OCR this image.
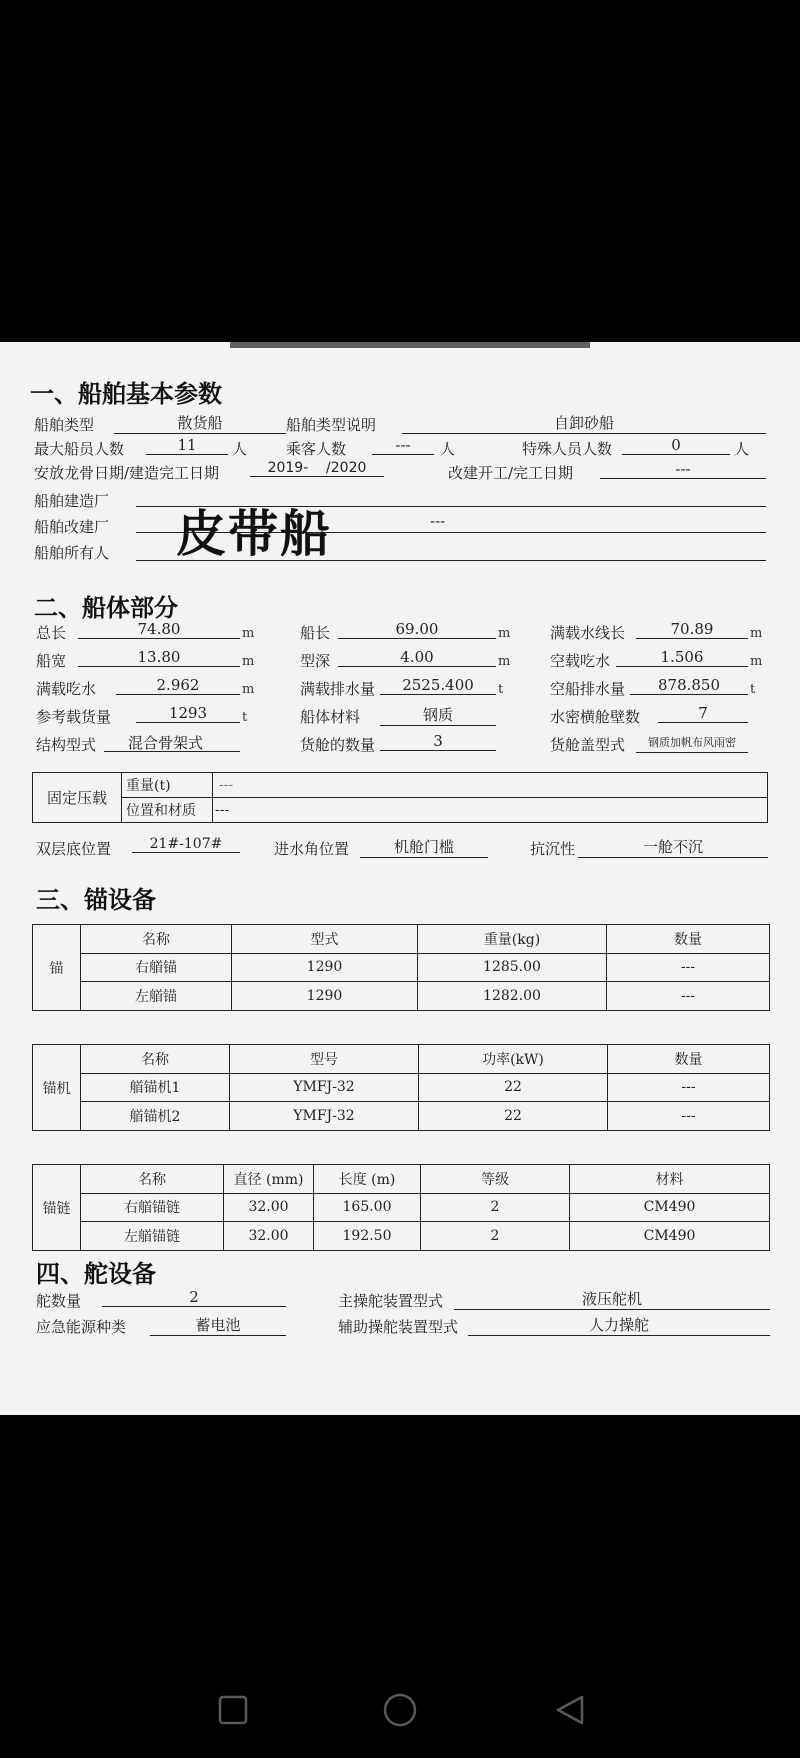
一、船舶基本参数
船舶类型	散货船	船舶类型说明	自卸砂船
最大船员人数	11	人	乘客人数	---	人	特殊人员人数	0	人
安放龙骨日期/建造完工日期	2019-    /2020	改建开工/完工日期	---
船舶建造厂
船舶改建厂	---
船舶所有人 皮带船
二、船体部分
总长	74.80	m	船长	69.00	m	满载水线长	70.89	m
船宽	13.80	m	型深	4.00	m	空载吃水	1.506	m
满载吃水	2.962	m	满载排水量	2525.400	t	空船排水量	878.850	t
参考载货量	1293	t	船体材料	钢质	水密横舱壁数	7
结构型式	混合骨架式	货舱的数量	3	货舱盖型式	钢质加帆布风雨密
固定压载	重量(t)	---
	位置和材质	---
双层底位置	21#-107#	进水角位置	机舱门槛	抗沉性	一舱不沉
三、锚设备
锚	名称	型式	重量(kg)	数量
	右艏锚	1290	1285.00	---
	左艏锚	1290	1282.00	---
锚机	名称	型号	功率(kW)	数量
	艏锚机1	YMFJ-32	22	---
	艏锚机2	YMFJ-32	22	---
锚链	名称	直径 (mm)	长度 (m)	等级	材料
	右艏锚链	32.00	165.00	2	CM490
	左艏锚链	32.00	192.50	2	CM490
四、舵设备
舵数量	2	主操舵装置型式	液压舵机
应急能源种类	蓄电池	辅助操舵装置型式	人力操舵
